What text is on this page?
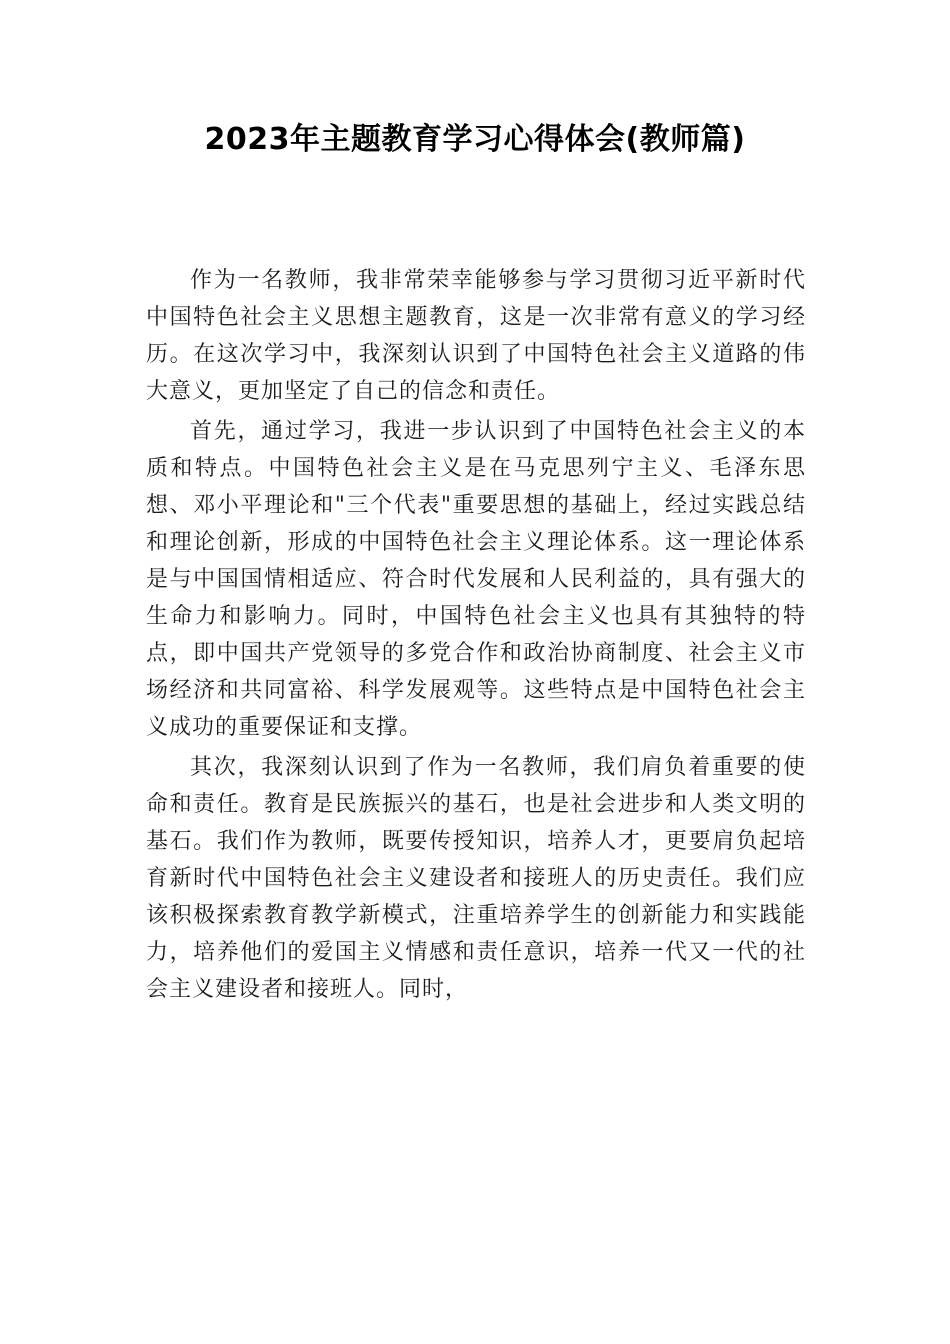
2023年主题教育学习心得体会(教师篇)

作为一名教师，我非常荣幸能够参与学习贯彻习近平新时代中国特色社会主义思想主题教育，这是一次非常有意义的学习经历。在这次学习中，我深刻认识到了中国特色社会主义道路的伟大意义，更加坚定了自己的信念和责任。

首先，通过学习，我进一步认识到了中国特色社会主义的本质和特点。中国特色社会主义是在马克思列宁主义、毛泽东思想、邓小平理论和"三个代表"重要思想的基础上，经过实践总结和理论创新，形成的中国特色社会主义理论体系。这一理论体系是与中国国情相适应、符合时代发展和人民利益的，具有强大的生命力和影响力。同时，中国特色社会主义也具有其独特的特点，即中国共产党领导的多党合作和政治协商制度、社会主义市场经济和共同富裕、科学发展观等。这些特点是中国特色社会主义成功的重要保证和支撑。

其次，我深刻认识到了作为一名教师，我们肩负着重要的使命和责任。教育是民族振兴的基石，也是社会进步和人类文明的基石。我们作为教师，既要传授知识，培养人才，更要肩负起培育新时代中国特色社会主义建设者和接班人的历史责任。我们应该积极探索教育教学新模式，注重培养学生的创新能力和实践能力，培养他们的爱国主义情感和责任意识，培养一代又一代的社会主义建设者和接班人。同时，
